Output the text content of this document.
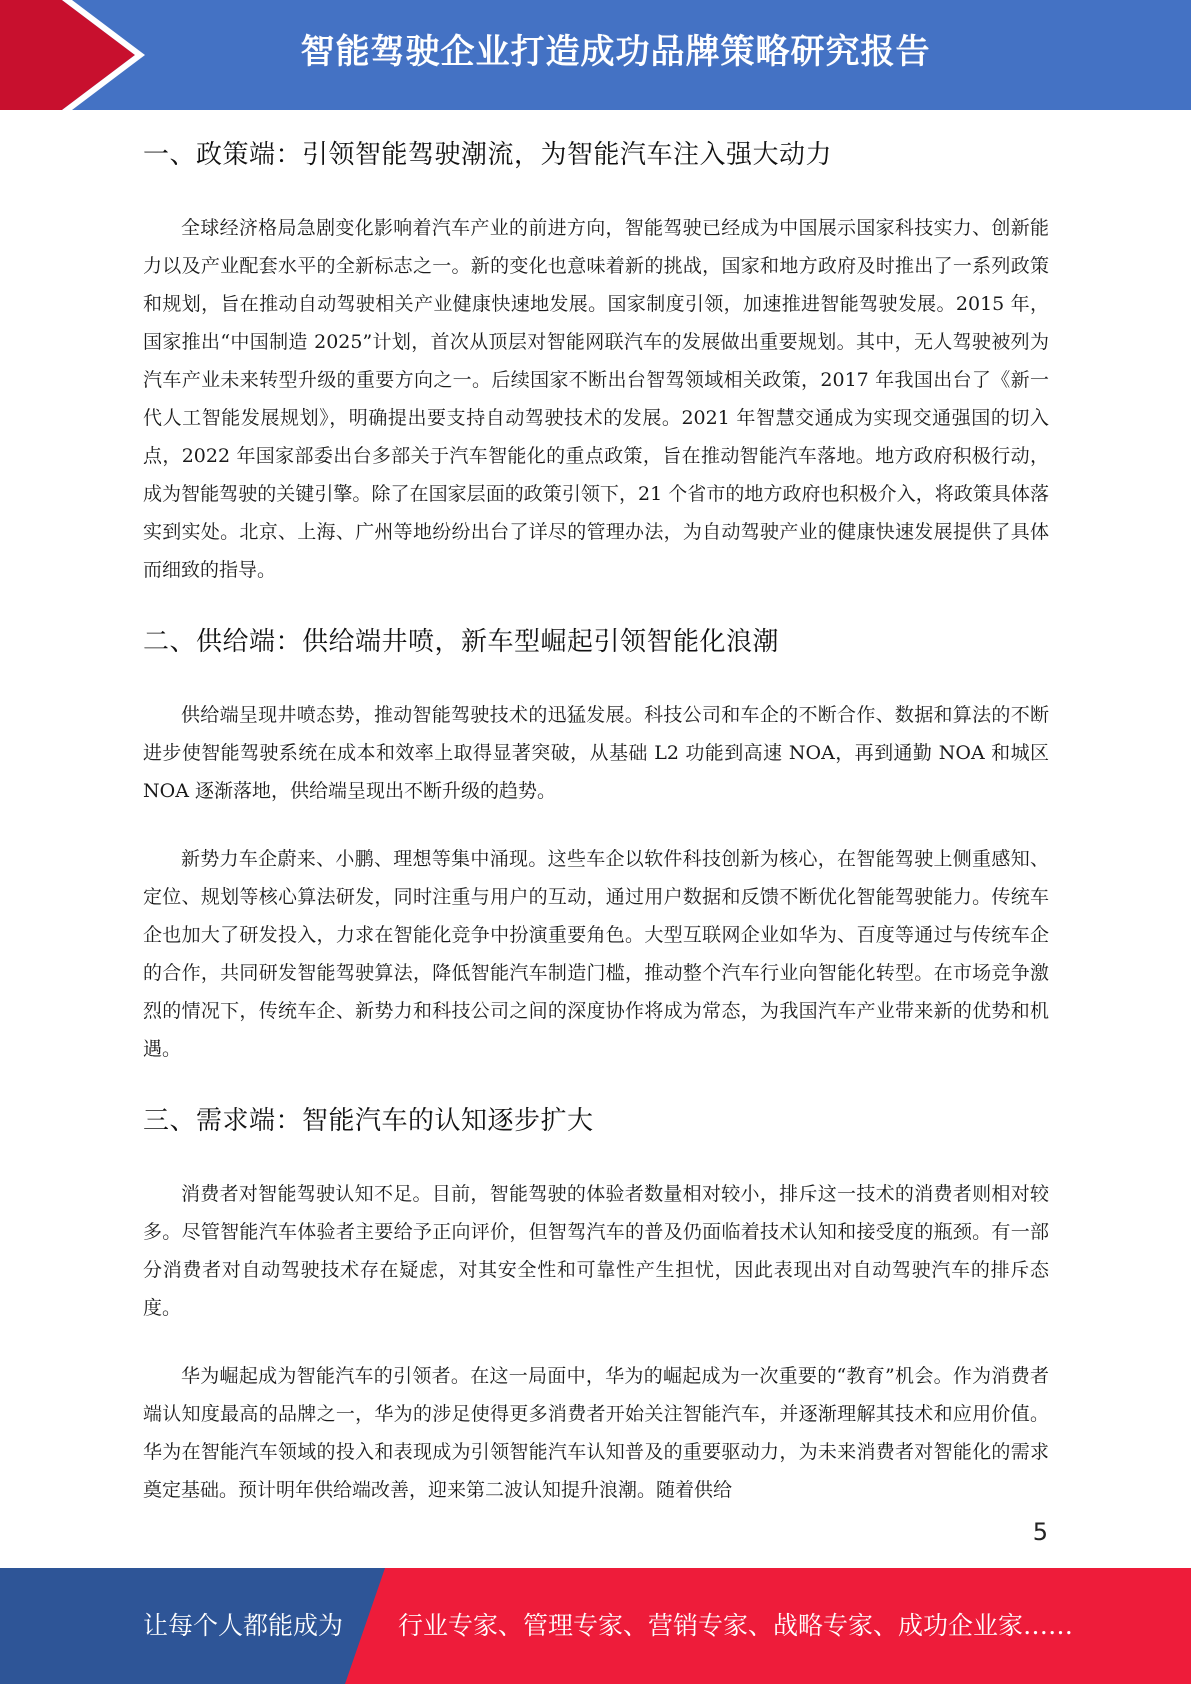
智能驾驶企业打造成功品牌策略研究报告
一、政策端：引领智能驾驶潮流，为智能汽车注入强大动力

全球经济格局急剧变化影响着汽车产业的前进方向，智能驾驶已经成为中国展示国家科技实力、创新能力以及产业配套水平的全新标志之一。新的变化也意味着新的挑战，国家和地方政府及时推出了一系列政策和规划，旨在推动自动驾驶相关产业健康快速地发展。国家制度引领，加速推进智能驾驶发展。2015 年，国家推出“中国制造 2025”计划，首次从顶层对智能网联汽车的发展做出重要规划。其中，无人驾驶被列为汽车产业未来转型升级的重要方向之一。后续国家不断出台智驾领域相关政策，2017 年我国出台了《新一代人工智能发展规划》，明确提出要支持自动驾驶技术的发展。2021 年智慧交通成为实现交通强国的切入点，2022 年国家部委出台多部关于汽车智能化的重点政策，旨在推动智能汽车落地。地方政府积极行动，成为智能驾驶的关键引擎。除了在国家层面的政策引领下，21 个省市的地方政府也积极介入，将政策具体落实到实处。北京、上海、广州等地纷纷出台了详尽的管理办法，为自动驾驶产业的健康快速发展提供了具体而细致的指导。

二、供给端：供给端井喷，新车型崛起引领智能化浪潮

供给端呈现井喷态势，推动智能驾驶技术的迅猛发展。科技公司和车企的不断合作、数据和算法的不断进步使智能驾驶系统在成本和效率上取得显著突破，从基础 L2 功能到高速 NOA，再到通勤 NOA 和城区 NOA 逐渐落地，供给端呈现出不断升级的趋势。

新势力车企蔚来、小鹏、理想等集中涌现。这些车企以软件科技创新为核心，在智能驾驶上侧重感知、定位、规划等核心算法研发，同时注重与用户的互动，通过用户数据和反馈不断优化智能驾驶能力。传统车企也加大了研发投入，力求在智能化竞争中扮演重要角色。大型互联网企业如华为、百度等通过与传统车企的合作，共同研发智能驾驶算法，降低智能汽车制造门槛，推动整个汽车行业向智能化转型。在市场竞争激烈的情况下，传统车企、新势力和科技公司之间的深度协作将成为常态，为我国汽车产业带来新的优势和机遇。

三、需求端：智能汽车的认知逐步扩大

消费者对智能驾驶认知不足。目前，智能驾驶的体验者数量相对较小，排斥这一技术的消费者则相对较多。尽管智能汽车体验者主要给予正向评价，但智驾汽车的普及仍面临着技术认知和接受度的瓶颈。有一部分消费者对自动驾驶技术存在疑虑，对其安全性和可靠性产生担忧，因此表现出对自动驾驶汽车的排斥态度。

华为崛起成为智能汽车的引领者。在这一局面中，华为的崛起成为一次重要的“教育”机会。作为消费者端认知度最高的品牌之一，华为的涉足使得更多消费者开始关注智能汽车，并逐渐理解其技术和应用价值。华为在智能汽车领域的投入和表现成为引领智能汽车认知普及的重要驱动力，为未来消费者对智能化的需求奠定基础。预计明年供给端改善，迎来第二波认知提升浪潮。随着供给

5
让每个人都能成为 行业专家、管理专家、营销专家、战略专家、成功企业家……
